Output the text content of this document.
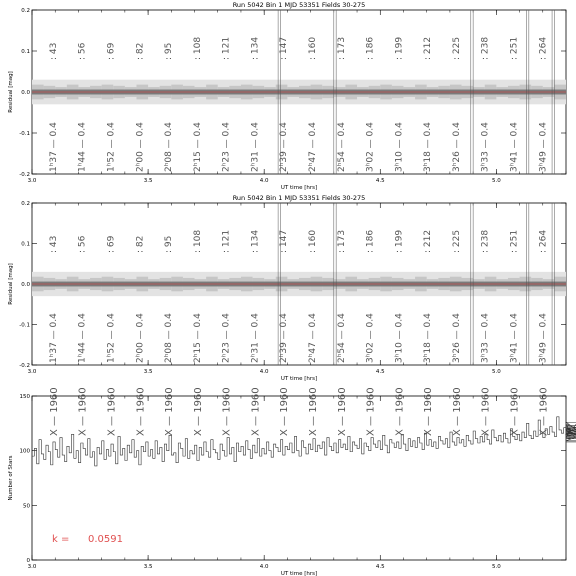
Run 5042 Bin 1 MJD 53351 Fields 30-275
3.0	3.5	4.0	4.5	5.0
-0.2
-0.1
0.0
0.1
0.2
UT time [hrs]
Residual [mag]
: 43
1ʰ37 — 0.4
: 56
1ʰ44 — 0.4
: 69
1ʰ52 — 0.4
: 82
2ʰ00 — 0.4
: 95
2ʰ08 — 0.4
: 108
2ʰ15 — 0.4
: 121
2ʰ23 — 0.4
: 134
2ʰ31 — 0.4
: 147
2ʰ39 — 0.4
: 160
2ʰ47 — 0.4
: 173
2ʰ54 — 0.4
: 186
3ʰ02 — 0.4
: 199
3ʰ10 — 0.4
: 212
3ʰ18 — 0.4
: 225
3ʰ26 — 0.4
: 238
3ʰ33 — 0.4
: 251
3ʰ41 — 0.4
: 264
3ʰ49 — 0.4
Run 5042 Bin 1 MJD 53351 Fields 30-275
3.0	3.5	4.0	4.5	5.0
-0.2
-0.1
0.0
0.1
0.2
UT time [hrs]
Residual [mag]
: 43
1ʰ37 — 0.4
: 56
1ʰ44 — 0.4
: 69
1ʰ52 — 0.4
: 82
2ʰ00 — 0.4
: 95
2ʰ08 — 0.4
: 108
2ʰ15 — 0.4
: 121
2ʰ23 — 0.4
: 134
2ʰ31 — 0.4
: 147
2ʰ39 — 0.4
: 160
2ʰ47 — 0.4
: 173
2ʰ54 — 0.4
: 186
3ʰ02 — 0.4
: 199
3ʰ10 — 0.4
: 212
3ʰ18 — 0.4
: 225
3ʰ26 — 0.4
: 238
3ʰ33 — 0.4
: 251
3ʰ41 — 0.4
: 264
3ʰ49 — 0.4
3.0	3.5	4.0	4.5	5.0
0
50
100
150
UT time [hrs]
Number of Stars
X — 1960 X — 1960 X — 1960 X — 1960 X — 1960 X — 1960 X — 1960 X — 1960 X — 1960 X — 1960 X — 1960 X — 1960 X — 1960 X — 1960 X — 1960 X — 1960 X — 1960 X — 1960
k = 0.0591
